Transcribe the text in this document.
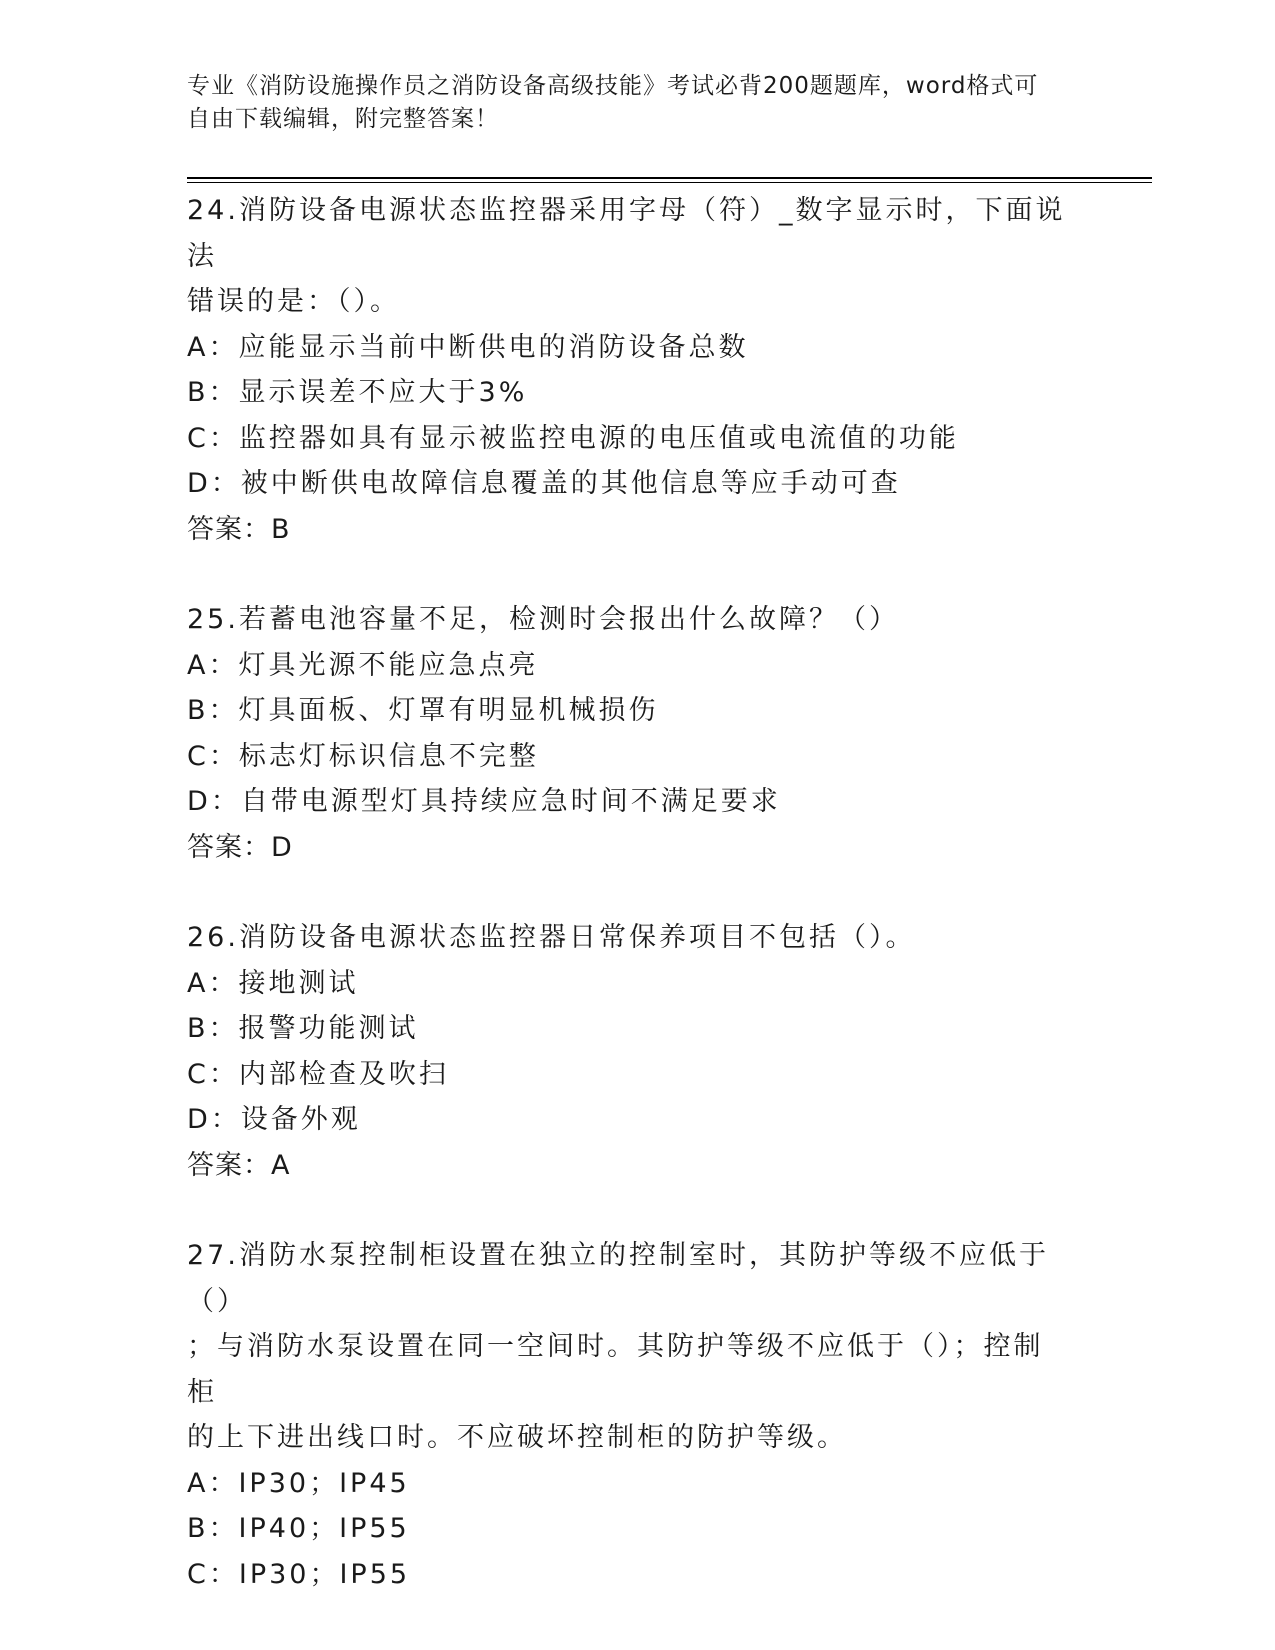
专业《消防设施操作员之消防设备高级技能》考试必背200题题库，word格式可
自由下载编辑，附完整答案！
24.消防设备电源状态监控器采用字母（符）_数字显示时，下面说法
错误的是：（）。
A：应能显示当前中断供电的消防设备总数
B：显示误差不应大于3%
C：监控器如具有显示被监控电源的电压值或电流值的功能
D：被中断供电故障信息覆盖的其他信息等应手动可查
答案：B
25.若蓄电池容量不足，检测时会报出什么故障？（）
A：灯具光源不能应急点亮
B：灯具面板、灯罩有明显机械损伤
C：标志灯标识信息不完整
D：自带电源型灯具持续应急时间不满足要求
答案：D
26.消防设备电源状态监控器日常保养项目不包括（）。
A：接地测试
B：报警功能测试
C：内部检查及吹扫
D：设备外观
答案：A
27.消防水泵控制柜设置在独立的控制室时，其防护等级不应低于（）
；与消防水泵设置在同一空间时。其防护等级不应低于（）；控制柜
的上下进出线口时。不应破坏控制柜的防护等级。
A：IP30；IP45
B：IP40；IP55
C：IP30；IP55
